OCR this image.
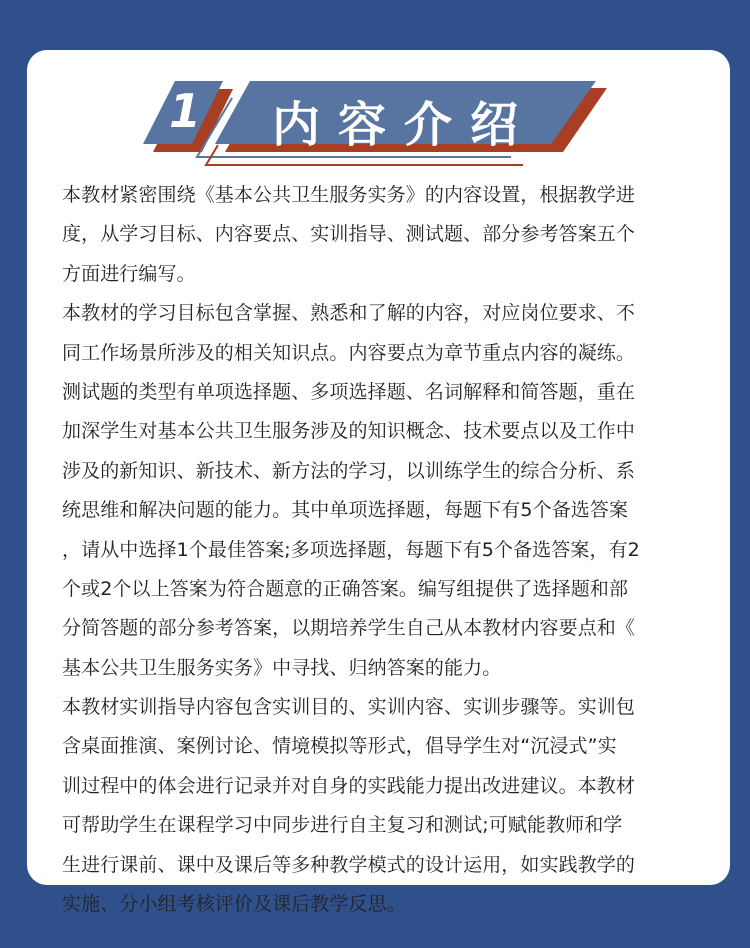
1 内容介绍
本教材紧密围绕《基本公共卫生服务实务》的内容设置，根据教学进
度，从学习目标、内容要点、实训指导、测试题、部分参考答案五个
方面进行编写。
本教材的学习目标包含掌握、熟悉和了解的内容，对应岗位要求、不
同工作场景所涉及的相关知识点。内容要点为章节重点内容的凝练。
测试题的类型有单项选择题、多项选择题、名词解释和简答题，重在
加深学生对基本公共卫生服务涉及的知识概念、技术要点以及工作中
涉及的新知识、新技术、新方法的学习，以训练学生的综合分析、系
统思维和解决问题的能力。其中单项选择题，每题下有5个备选答案
，请从中选择1个最佳答案;多项选择题，每题下有5个备选答案，有2
个或2个以上答案为符合题意的正确答案。编写组提供了选择题和部
分简答题的部分参考答案，以期培养学生自己从本教材内容要点和《
基本公共卫生服务实务》中寻找、归纳答案的能力。
本教材实训指导内容包含实训目的、实训内容、实训步骤等。实训包
含桌面推演、案例讨论、情境模拟等形式，倡导学生对“沉浸式”实
训过程中的体会进行记录并对自身的实践能力提出改进建议。本教材
可帮助学生在课程学习中同步进行自主复习和测试;可赋能教师和学
生进行课前、课中及课后等多种教学模式的设计运用，如实践教学的
实施、分小组考核评价及课后教学反思。
